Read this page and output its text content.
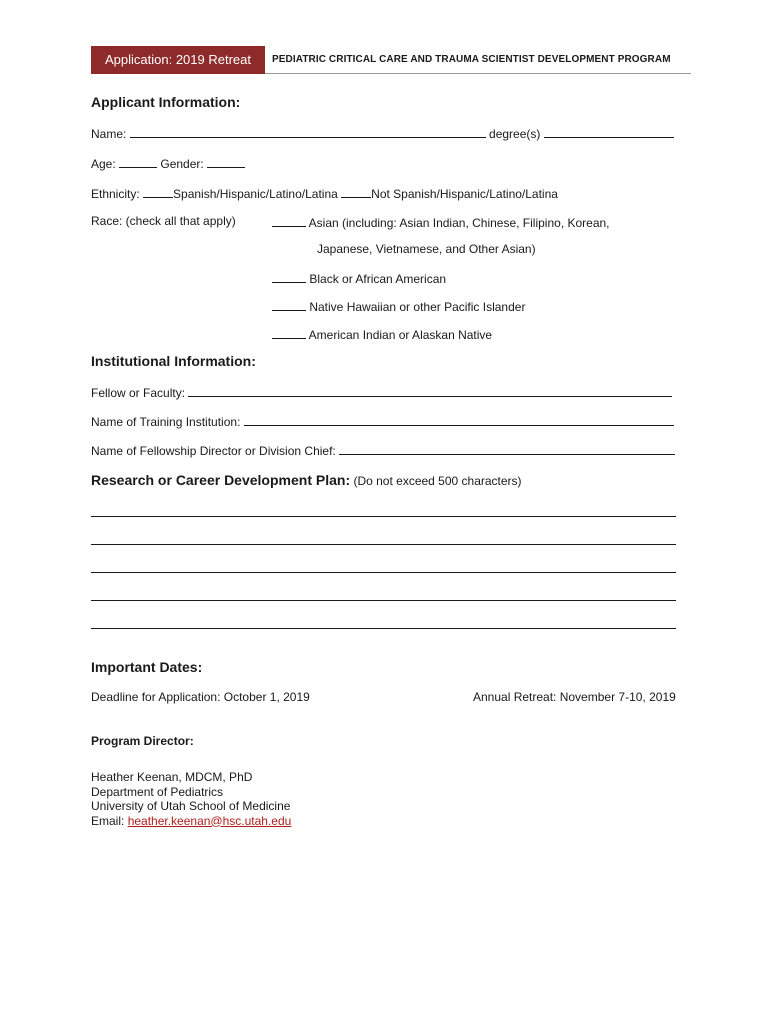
Application: 2019 Retreat	PEDIATRIC CRITICAL CARE AND TRAUMA SCIENTIST DEVELOPMENT PROGRAM
Applicant Information:
Name:	degree(s)
Age:	Gender:
Ethnicity:	Spanish/Hispanic/Latino/Latina	Not Spanish/Hispanic/Latino/Latina
Race: (check all that apply)	Asian (including: Asian Indian, Chinese, Filipino, Korean,
Japanese, Vietnamese, and Other Asian)
Black or African American
Native Hawaiian or other Pacific Islander
American Indian or Alaskan Native
Institutional Information:
Fellow or Faculty:
Name of Training Institution:
Name of Fellowship Director or Division Chief:
Research or Career Development Plan: (Do not exceed 500 characters)
Important Dates:
Deadline for Application: October 1, 2019	Annual Retreat: November 7-10, 2019
Program Director:
Heather Keenan, MDCM, PhD
Department of Pediatrics
University of Utah School of Medicine
Email: heather.keenan@hsc.utah.edu
